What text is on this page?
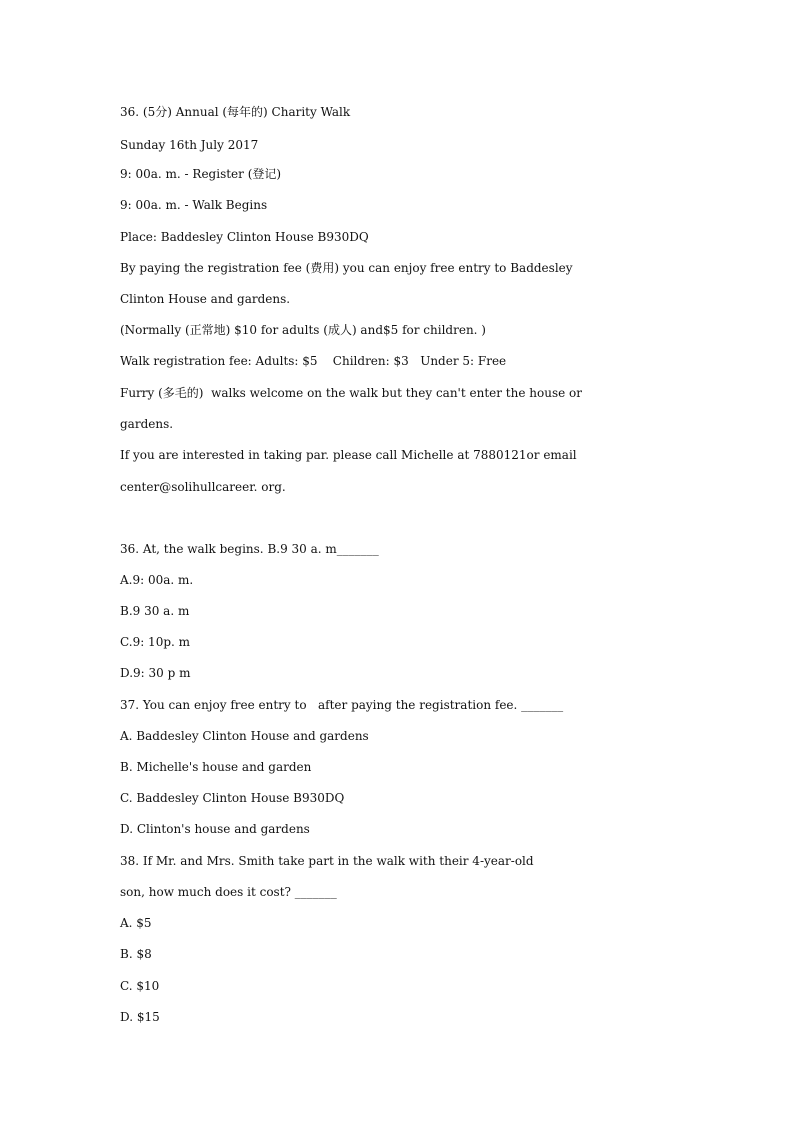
36. (5分) Annual (每年的) Charity Walk
Sunday 16th July 2017
9: 00a. m. - Register (登记)
9: 00a. m. - Walk Begins
Place: Baddesley Clinton House B930DQ
By paying the registration fee (费用) you can enjoy free entry to Baddesley
Clinton House and gardens.
(Normally (正常地) $10 for adults (成人) and$5 for children. )
Walk registration fee: Adults: $5    Children: $3   Under 5: Free
Furry (多毛的)  walks welcome on the walk but they can't enter the house or
gardens.
If you are interested in taking par. please call Michelle at 7880121or email
center@solihullcareer. org.
36. At, the walk begins. B.9 30 a. m_______
A.9: 00a. m.
B.9 30 a. m
C.9: 10p. m
D.9: 30 p m
37. You can enjoy free entry to   after paying the registration fee. _______
A. Baddesley Clinton House and gardens
B. Michelle's house and garden
C. Baddesley Clinton House B930DQ
D. Clinton's house and gardens
38. If Mr. and Mrs. Smith take part in the walk with their 4-year-old
son, how much does it cost? _______
A. $5
B. $8
C. $10
D. $15
